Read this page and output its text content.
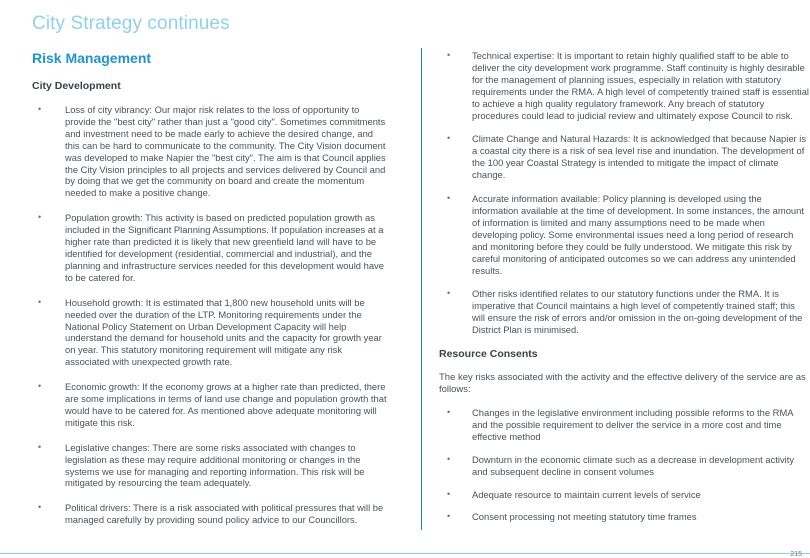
City Strategy continues
Risk Management
City Development
•	Loss of city vibrancy: Our major risk relates to the loss of opportunity to provide the "best city" rather than just a "good city". Sometimes commitments and investment need to be made early to achieve the desired change, and this can be hard to communicate to the community. The City Vision document was developed to make Napier the "best city". The aim is that Council applies the City Vision principles to all projects and services delivered by Council and by doing that we get the community on board and create the momentum needed to make a positive change.
•	Population growth: This activity is based on predicted population growth as included in the Significant Planning Assumptions. If population increases at a higher rate than predicted it is likely that new greenfield land will have to be identified for development (residential, commercial and industrial), and the planning and infrastructure services needed for this development would have to be catered for.
•	Household growth: It is estimated that 1,800 new household units will be needed over the duration of the LTP. Monitoring requirements under the National Policy Statement on Urban Development Capacity will help understand the demand for household units and the capacity for growth year on year. This statutory monitoring requirement will mitigate any risk associated with unexpected growth rate.
•	Economic growth: If the economy grows at a higher rate than predicted, there are some implications in terms of land use change and population growth that would have to be catered for. As mentioned above adequate monitoring will mitigate this risk.
•	Legislative changes: There are some risks associated with changes to legislation as these may require additional monitoring or changes in the systems we use for managing and reporting information. This risk will be mitigated by resourcing the team adequately.
•	Political drivers: There is a risk associated with political pressures that will be managed carefully by providing sound policy advice to our Councillors.
• Technical expertise: It is important to retain highly qualified staff to be able to deliver the city development work programme. Staff continuity is highly desirable for the management of planning issues, especially in relation with statutory requirements under the RMA. A high level of competently trained staff is essential to achieve a high quality regulatory framework. Any breach of statutory procedures could lead to judicial review and ultimately expose Council to risk.
• Climate Change and Natural Hazards: It is acknowledged that because Napier is a coastal city there is a risk of sea level rise and inundation. The development of the 100 year Coastal Strategy is intended to mitigate the impact of climate change.
• Accurate information available: Policy planning is developed using the information available at the time of development. In some instances, the amount of information is limited and many assumptions need to be made when developing policy. Some environmental issues need a long period of research and monitoring before they could be fully understood. We mitigate this risk by careful monitoring of anticipated outcomes so we can address any unintended results.
• Other risks identified relates to our statutory functions under the RMA. It is imperative that Council maintains a high level of competently trained staff; this will ensure the risk of errors and/or omission in the on-going development of the District Plan is minimised.
Resource Consents

The key risks associated with the activity and the effective delivery of the service are as follows:

• Changes in the legislative environment including possible reforms to the RMA and the possible requirement to deliver the service in a more cost and time effective method
• Downturn in the economic climate such as a decrease in development activity and subsequent decline in consent volumes
• Adequate resource to maintain current levels of service
• Consent processing not meeting statutory time frames
215
